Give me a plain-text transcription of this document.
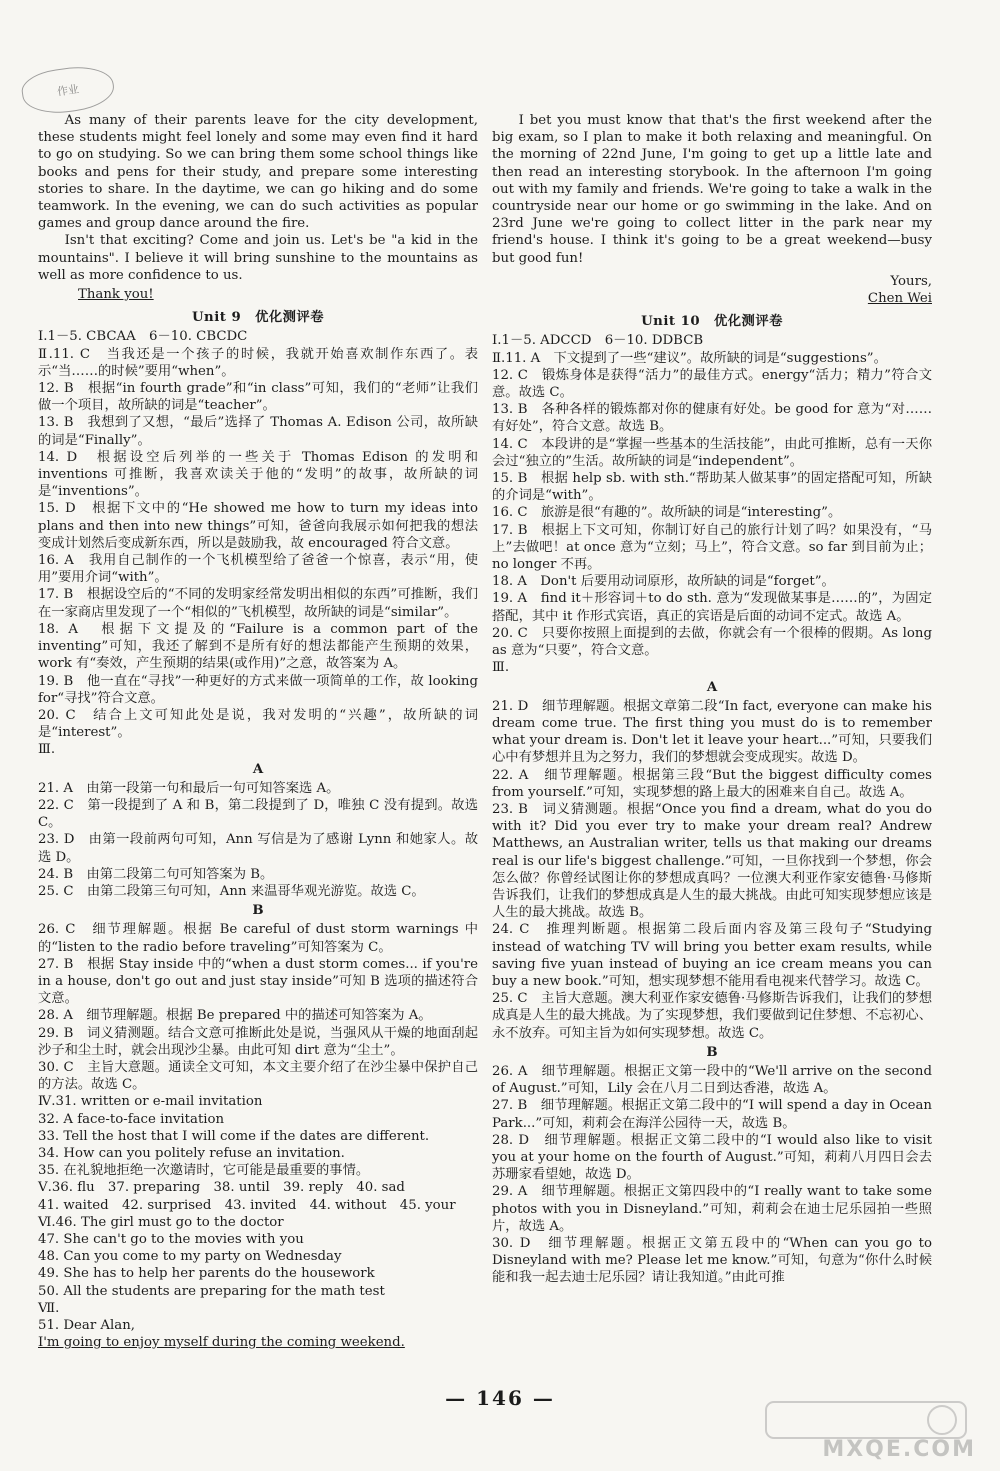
作业

As many of their parents leave for the city development, these students might feel lonely and some may even find it hard to go on studying. So we can bring them some school things like books and pens for their study, and prepare some interesting stories to share. In the daytime, we can go hiking and do some teamwork. In the evening, we can do such activities as popular games and group dance around the fire.

Isn't that exciting? Come and join us. Let's be "a kid in the mountains". I believe it will bring sunshine to the mountains as well as more confidence to us.

Thank you!

Unit 9　优化测评卷

Ⅰ.1－5. CBCAA　6－10. CBCDC

Ⅱ.11. C　当我还是一个孩子的时候，我就开始喜欢制作东西了。表示“当……的时候”要用“when”。

12. B　根据“in fourth grade”和“in class”可知，我们的“老师”让我们做一个项目，故所缺的词是“teacher”。

13. B　我想到了又想，“最后”选择了 Thomas A. Edison 公司，故所缺的词是“Finally”。

14. D　根据设空后列举的一些关于 Thomas Edison 的发明和 inventions 可推断，我喜欢读关于他的“发明”的故事，故所缺的词是“inventions”。

15. D　根据下文中的“He showed me how to turn my ideas into plans and then into new things”可知，爸爸向我展示如何把我的想法变成计划然后变成新东西，所以是鼓励我，故 encouraged 符合文意。

16. A　我用自己制作的一个飞机模型给了爸爸一个惊喜，表示“用，使用”要用介词“with”。

17. B　根据设空后的“不同的发明家经常发明出相似的东西”可推断，我们在一家商店里发现了一个“相似的”飞机模型，故所缺的词是“similar”。

18. A　根据下文提及的“Failure is a common part of the inventing”可知，我还了解到不是所有好的想法都能产生预期的效果，work 有“奏效，产生预期的结果(或作用)”之意，故答案为 A。

19. B　他一直在“寻找”一种更好的方式来做一项简单的工作，故 looking for“寻找”符合文意。

20. C　结合上文可知此处是说，我对发明的“兴趣”，故所缺的词是“interest”。

Ⅲ.

A

21. A　由第一段第一句和最后一句可知答案选 A。

22. C　第一段提到了 A 和 B，第二段提到了 D，唯独 C 没有提到。故选 C。

23. D　由第一段前两句可知，Ann 写信是为了感谢 Lynn 和她家人。故选 D。

24. B　由第二段第二句可知答案为 B。

25. C　由第二段第三句可知，Ann 来温哥华观光游览。故选 C。

B

26. C　细节理解题。根据 Be careful of dust storm warnings 中的“listen to the radio before traveling”可知答案为 C。

27. B　根据 Stay inside 中的“when a dust storm comes... if you're in a house, don't go out and just stay inside”可知 B 选项的描述符合文意。

28. A　细节理解题。根据 Be prepared 中的描述可知答案为 A。

29. B　词义猜测题。结合文意可推断此处是说，当强风从干燥的地面刮起沙子和尘土时，就会出现沙尘暴。由此可知 dirt 意为“尘土”。

30. C　主旨大意题。通读全文可知，本文主要介绍了在沙尘暴中保护自己的方法。故选 C。

Ⅳ.31. written or e-mail invitation

32. A face-to-face invitation

33. Tell the host that I will come if the dates are different.

34. How can you politely refuse an invitation.

35. 在礼貌地拒绝一次邀请时，它可能是最重要的事情。

Ⅴ.36. flu　37. preparing　38. until　39. reply　40. sad

41. waited　42. surprised　43. invited　44. without　45. your

Ⅵ.46. The girl must go to the doctor

47. She can't go to the movies with you

48. Can you come to my party on Wednesday

49. She has to help her parents do the housework

50. All the students are preparing for the math test

Ⅶ.

51. Dear Alan,

I'm going to enjoy myself during the coming weekend.

I bet you must know that that's the first weekend after the big exam, so I plan to make it both relaxing and meaningful. On the morning of 22nd June, I'm going to get up a little late and then read an interesting storybook. In the afternoon I'm going out with my family and friends. We're going to take a walk in the countryside near our home or go swimming in the lake. And on 23rd June we're going to collect litter in the park near my friend's house. I think it's going to be a great weekend—busy but good fun!

Yours,

Chen Wei

Unit 10　优化测评卷

Ⅰ.1－5. ADCCD　6－10. DDBCB

Ⅱ.11. A　下文提到了一些“建议”。故所缺的词是“suggestions”。

12. C　锻炼身体是获得“活力”的最佳方式。energy“活力；精力”符合文意。故选 C。

13. B　各种各样的锻炼都对你的健康有好处。be good for 意为“对……有好处”，符合文意。故选 B。

14. C　本段讲的是“掌握一些基本的生活技能”，由此可推断，总有一天你会过“独立的”生活。故所缺的词是“independent”。

15. B　根据 help sb. with sth.“帮助某人做某事”的固定搭配可知，所缺的介词是“with”。

16. C　旅游是很“有趣的”。故所缺的词是“interesting”。

17. B　根据上下文可知，你制订好自己的旅行计划了吗？如果没有，“马上”去做吧！at once 意为“立刻；马上”，符合文意。so far 到目前为止；no longer 不再。

18. A　Don't 后要用动词原形，故所缺的词是“forget”。

19. A　find it＋形容词＋to do sth. 意为“发现做某事是……的”，为固定搭配，其中 it 作形式宾语，真正的宾语是后面的动词不定式。故选 A。

20. C　只要你按照上面提到的去做，你就会有一个很棒的假期。As long as 意为“只要”，符合文意。

Ⅲ.

A

21. D　细节理解题。根据文章第二段“In fact, everyone can make his dream come true. The first thing you must do is to remember what your dream is. Don't let it leave your heart...”可知，只要我们心中有梦想并且为之努力，我们的梦想就会变成现实。故选 D。

22. A　细节理解题。根据第三段“But the biggest difficulty comes from yourself.”可知，实现梦想的路上最大的困难来自自己。故选 A。

23. B　词义猜测题。根据“Once you find a dream, what do you do with it? Did you ever try to make your dream real? Andrew Matthews, an Australian writer, tells us that making our dreams real is our life's biggest challenge.”可知，一旦你找到一个梦想，你会怎么做？你曾经试图让你的梦想成真吗？一位澳大利亚作家安德鲁·马修斯告诉我们，让我们的梦想成真是人生的最大挑战。由此可知实现梦想应该是人生的最大挑战。故选 B。

24. C　推理判断题。根据第二段后面内容及第三段句子“Studying instead of watching TV will bring you better exam results, while saving five yuan instead of buying an ice cream means you can buy a new book.”可知，想实现梦想不能用看电视来代替学习。故选 C。

25. C　主旨大意题。澳大利亚作家安德鲁·马修斯告诉我们，让我们的梦想成真是人生的最大挑战。为了实现梦想，我们要做到记住梦想、不忘初心、永不放弃。可知主旨为如何实现梦想。故选 C。

B

26. A　细节理解题。根据正文第一段中的“We'll arrive on the second of August.”可知，Lily 会在八月二日到达香港，故选 A。

27. B　细节理解题。根据正文第二段中的“I will spend a day in Ocean Park...”可知，莉莉会在海洋公园待一天，故选 B。

28. D　细节理解题。根据正文第二段中的“I would also like to visit you at your home on the fourth of August.”可知，莉莉八月四日会去苏珊家看望她，故选 D。

29. A　细节理解题。根据正文第四段中的“I really want to take some photos with you in Disneyland.”可知，莉莉会在迪士尼乐园拍一些照片，故选 A。

30. D　细节理解题。根据正文第五段中的“When can you go to Disneyland with me? Please let me know.”可知，句意为“你什么时候能和我一起去迪士尼乐园？请让我知道。”由此可推

— 146 —
MXQE.COM
